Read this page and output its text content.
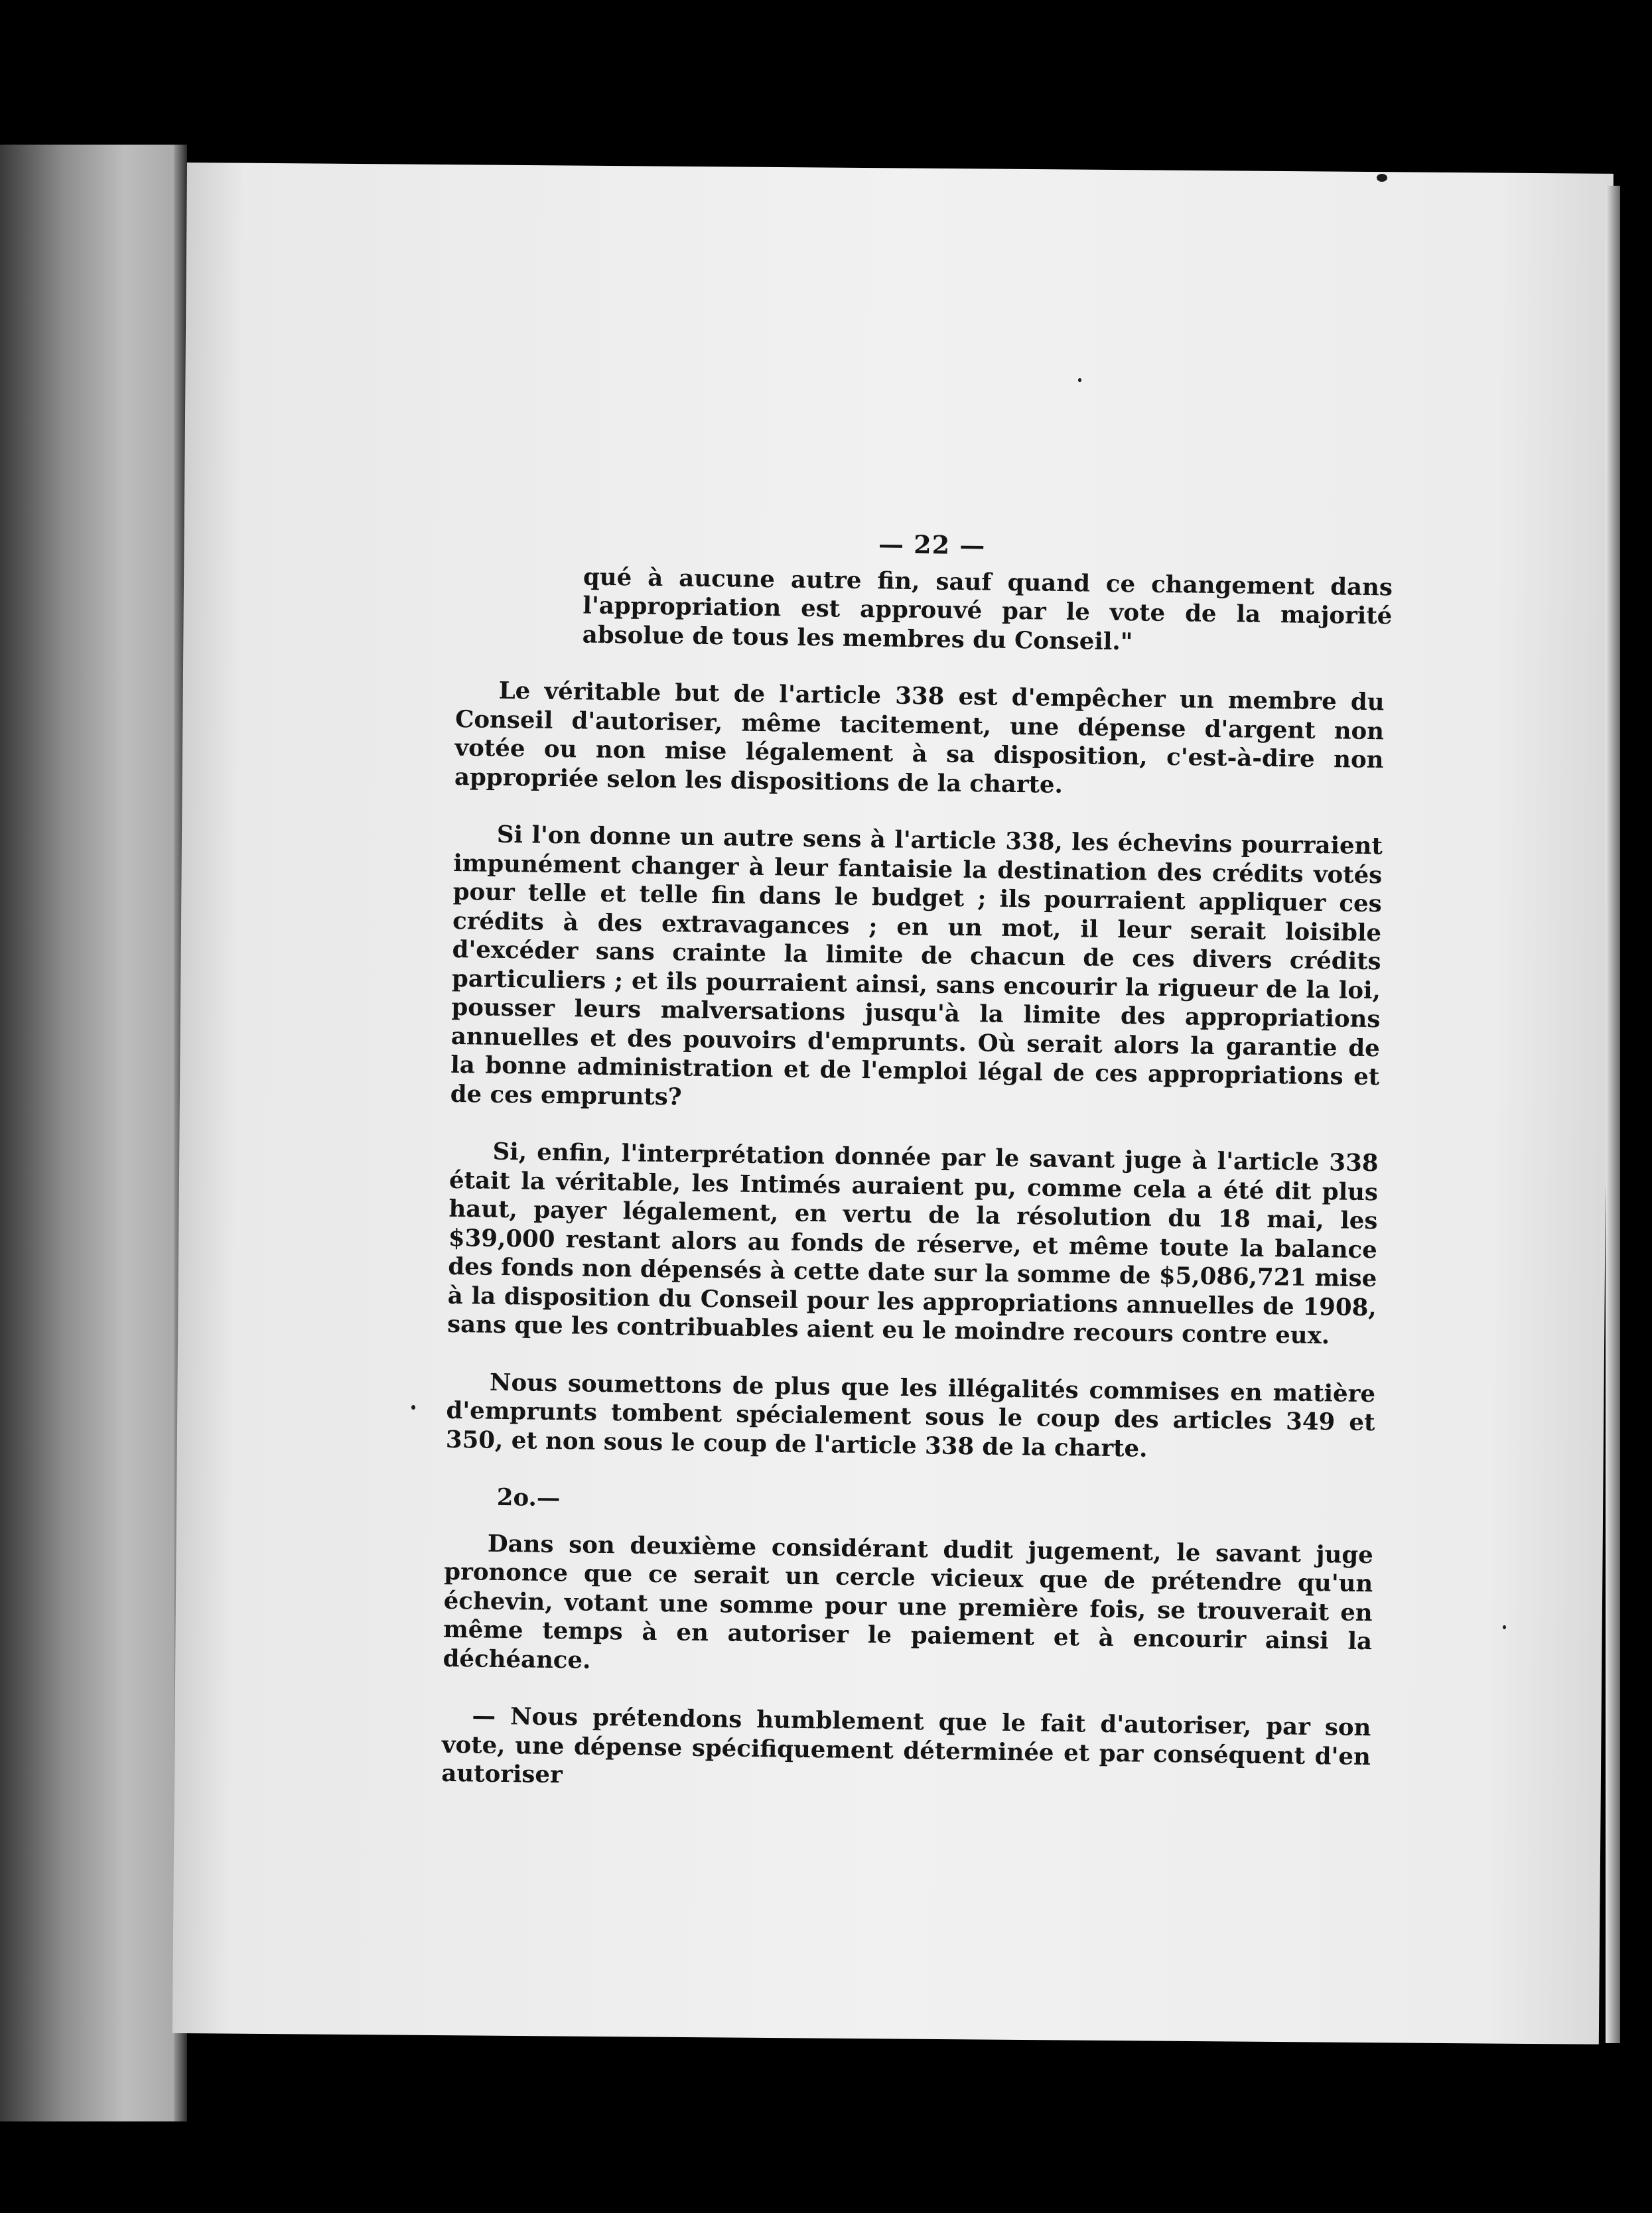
— 22 —

qué à aucune autre fin, sauf quand ce changement dans l'appropriation est approuvé par le vote de la majorité absolue de tous les membres du Conseil."

Le véritable but de l'article 338 est d'empêcher un membre du Conseil d'autoriser, même tacitement, une dépense d'argent non votée ou non mise légalement à sa disposition, c'est-à-dire non appropriée selon les dispositions de la charte.

Si l'on donne un autre sens à l'article 338, les échevins pourraient impunément changer à leur fantaisie la destination des crédits votés pour telle et telle fin dans le budget ; ils pourraient appliquer ces crédits à des extravagances ; en un mot, il leur serait loisible d'excéder sans crainte la limite de chacun de ces divers crédits particuliers ; et ils pourraient ainsi, sans encourir la rigueur de la loi, pousser leurs malversations jusqu'à la limite des appropriations annuelles et des pouvoirs d'emprunts. Où serait alors la garantie de la bonne administration et de l'emploi légal de ces appropriations et de ces emprunts?

Si, enfin, l'interprétation donnée par le savant juge à l'article 338 était la véritable, les Intimés auraient pu, comme cela a été dit plus haut, payer légalement, en vertu de la résolution du 18 mai, les $39,000 restant alors au fonds de réserve, et même toute la balance des fonds non dépensés à cette date sur la somme de $5,086,721 mise à la disposition du Conseil pour les appropriations annuelles de 1908, sans que les contribuables aient eu le moindre recours contre eux.

Nous soumettons de plus que les illégalités commises en matière d'emprunts tombent spécialement sous le coup des articles 349 et 350, et non sous le coup de l'article 338 de la charte.

2o.—

Dans son deuxième considérant dudit jugement, le savant juge prononce que ce serait un cercle vicieux que de prétendre qu'un échevin, votant une somme pour une première fois, se trouverait en même temps à en autoriser le paiement et à encourir ainsi la déchéance.

— Nous prétendons humblement que le fait d'autoriser, par son vote, une dépense spécifiquement déterminée et par conséquent d'en autoriser
